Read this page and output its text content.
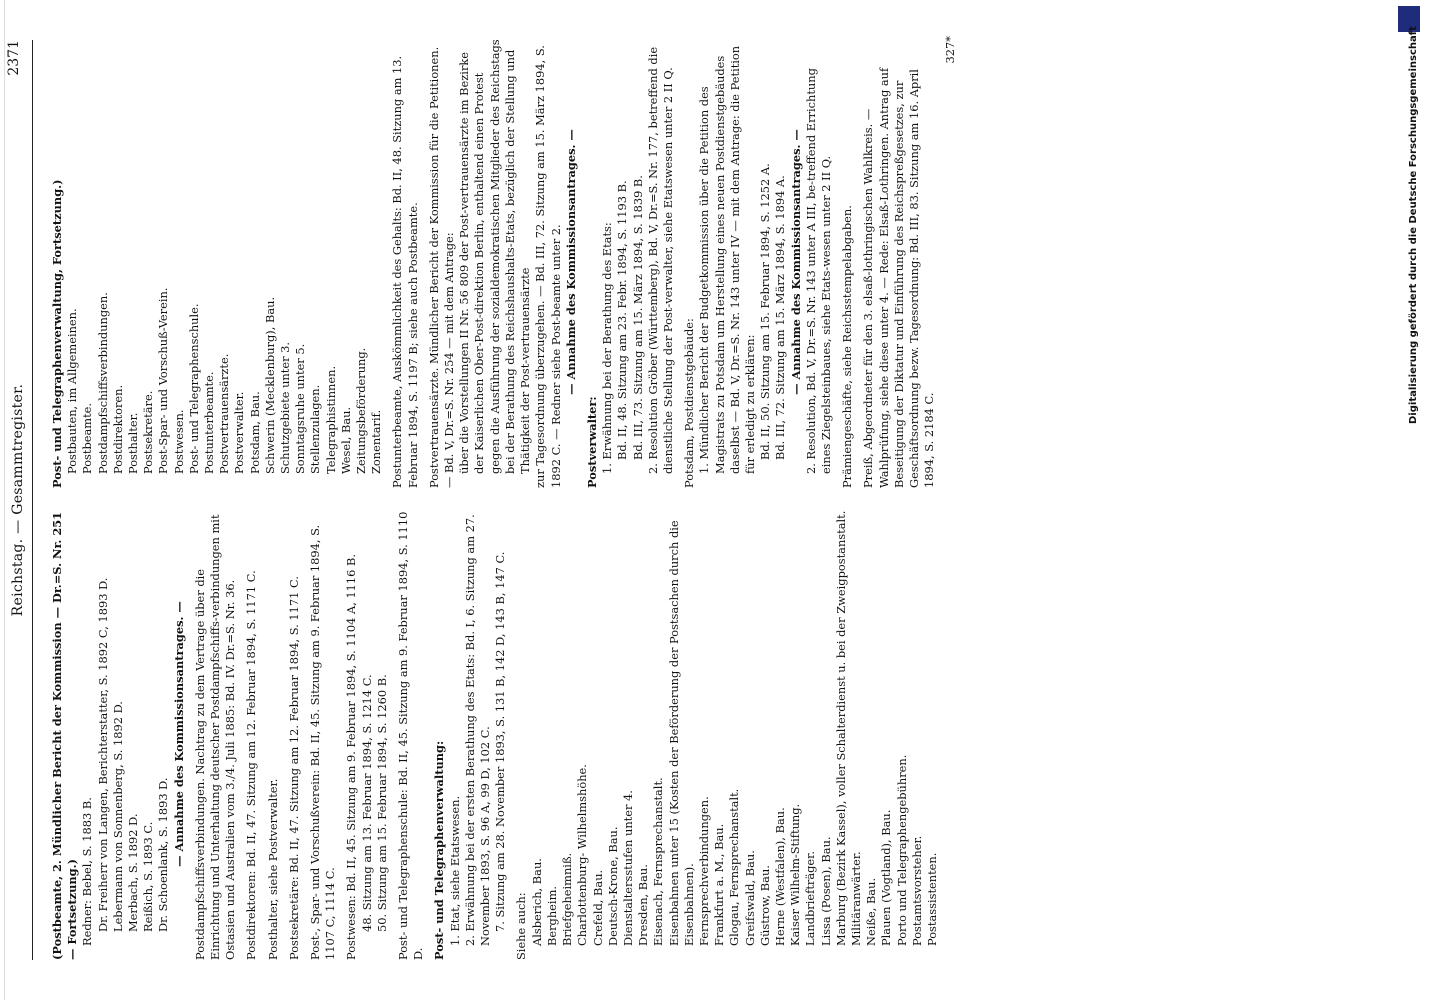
Reichstag. — Gesammtregister.
2371
(Postbeamte, 2. Mündlicher Bericht der Kommission — Dr.=S. Nr. 251 — Fortsetzung.) Redner: Bebel, S. 1883 B. Dr. Freiherr von Langen, Berichterstatter, S. 1892 C, 1893 D. Lebermann von Sonnenberg, S. 1892 D. Merbach, S. 1892 D. Reißich, S. 1893 C. Dr. Schoenlank, S. 1893 D. — Annahme des Kommissionsantrages. — Postdampfschiffsverbindungen. Nachtrag zu dem Vertrage über die Einrichtung und Unterhaltung deutscher Postdampfschiffs-verbindungen mit Ostasien und Australien vom 3./4. Juli 1885: Bd. IV. Dr.=S. Nr. 36. Postdirektoren: Bd. II, 47. Sitzung am 12. Februar 1894, S. 1171 C. Posthalter, siehe Postverwalter. Postsekretäre: Bd. II, 47. Sitzung am 12. Februar 1894, S. 1171 C. Post-, Spar- und Vorschußverein: Bd. II, 45. Sitzung am 9. Februar 1894, S. 1107 C, 1114 C. Postwesen: Bd. II, 45. Sitzung am 9. Februar 1894, S. 1104 A, 1116 B. 48. Sitzung am 13. Februar 1894, S. 1214 C. 50. Sitzung am 15. Februar 1894, S. 1260 B. Post- und Telegraphenschule: Bd. II, 45. Sitzung am 9. Februar 1894, S. 1110 D. Post- und Telegraphenverwaltung: 1. Etat, siehe Etatswesen. 2. Erwähnung bei der ersten Berathung des Etats: Bd. I, 6. Sitzung am 27. November 1893, S. 96 A, 99 D, 102 C. 7. Sitzung am 28. November 1893, S. 131 B, 142 D, 143 B, 147 C. Siehe auch: Alsberich, Bau. Bergheim. Briefgeheimniß. Charlottenburg- Wilhelmshöhe. Crefeld, Bau. Deutsch-Krone, Bau. Dienstaltersstufen unter 4. Dresden, Bau. Eisenach, Fernsprechanstalt. Eisenbahnen unter 15 (Kosten der Beförderung der Postsachen durch die Eisenbahnen). Fernsprechverbindungen. Frankfurt a. M., Bau. Glogau, Fernsprechanstalt. Greifswald, Bau. Güstrow, Bau. Herne (Westfalen), Bau. Kaiser Wilhelm-Stiftung. Landbriefträger. Lissa (Posen), Bau. Marburg (Bezirk Kassel), voller Schalterdienst u. bei der Zweigpostanstalt. Militäranwärter. Neiße, Bau. Plauen (Vogtland), Bau. Porto und Telegraphengebühren. Postamtsvorsteher. Postassistenten.
Post- und Telegraphenverwaltung, Fortsetzung.) Postbauten, im Allgemeinen. Postbeamte. Postdampfschiffsverbindungen. Postdirektoren. Posthalter. Postsekretäre. Post-Spar- und Vorschuß-Verein. Postwesen. Post- und Telegraphenschule. Postunterbeamte. Postvertrauensärzte. Postverwalter. Potsdam, Bau. Schwerin (Mecklenburg), Bau. Schutzgebiete unter 3. Sonntagsruhe unter 5. Stellenzulagen. Telegraphistinnen. Wesel, Bau. Zeitungsbeförderung. Zonentarif. Postunterbeamte, Auskömmlichkeit des Gehalts: Bd. II, 48. Sitzung am 13. Februar 1894, S. 1197 B; siehe auch Postbeamte. Postvertrauensärzte. Mündlicher Bericht der Kommission für die Petitionen. — Bd. V, Dr.=S. Nr. 254 — mit dem Antrage: über die Vorstellungen II Nr. 56 809 der Post-vertrauensärzte im Bezirke der Kaiserlichen Ober-Post-direktion Berlin, enthaltend einen Protest gegen die Ausführung der sozialdemokratischen Mitglieder des Reichstags bei der Berathung des Reichshaushalts-Etats, bezüglich der Stellung und Thätigkeit der Post-vertrauensärzte zur Tagesordnung überzugehen. — Bd. III, 72. Sitzung am 15. März 1894, S. 1892 C. — Redner siehe Post-beamte unter 2. — Annahme des Kommissionsantrages. —
Postverwalter: 1. Erwähnung bei der Berathung des Etats: Bd. II, 48. Sitzung am 23. Febr. 1894, S. 1193 B. Bd. III, 73. Sitzung am 15. März 1894, S. 1839 B. 2. Resolution Gröber (Württemberg), Bd. V, Dr.=S. Nr. 177, betreffend die dienstliche Stellung der Post-verwalter, siehe Etatswesen unter 2 II Q. Potsdam, Postdienstgebäude: 1. Mündlicher Bericht der Budgetkommission über die Petition des Magistrats zu Potsdam um Herstellung eines neuen Postdienstgebäudes daselbst — Bd. V, Dr.=S. Nr. 143 unter IV — mit dem Antrage: die Petition für erledigt zu erklären: Bd. II, 50. Sitzung am 15. Februar 1894, S. 1252 A. Bd. III, 72. Sitzung am 15. März 1894, S. 1894 A. — Annahme des Kommissionsantrages. — 2. Resolution, Bd. V, Dr.=S. Nr. 143 unter A III, be-treffend Errichtung eines Ziegelsteinbaues, siehe Etats-wesen unter 2 II Q. Prämiengeschäfte, siehe Reichsstempelabgaben. Preiß, Abgeordneter für den 3. elsaß-lothringischen Wahlkreis. — Wahlprüfung, siehe diese unter 4. — Rede: Elsaß-Lothringen. Antrag auf Beseitigung der Diktatur und Einführung des Reichspreßgesetzes, zur Geschäftsordnung bezw. Tagesordnung: Bd. III, 83. Sitzung am 16. April 1894, S. 2184 C.
327*	Digitalisierung gefördert durch die Deutsche Forschungsgemeinschaft
